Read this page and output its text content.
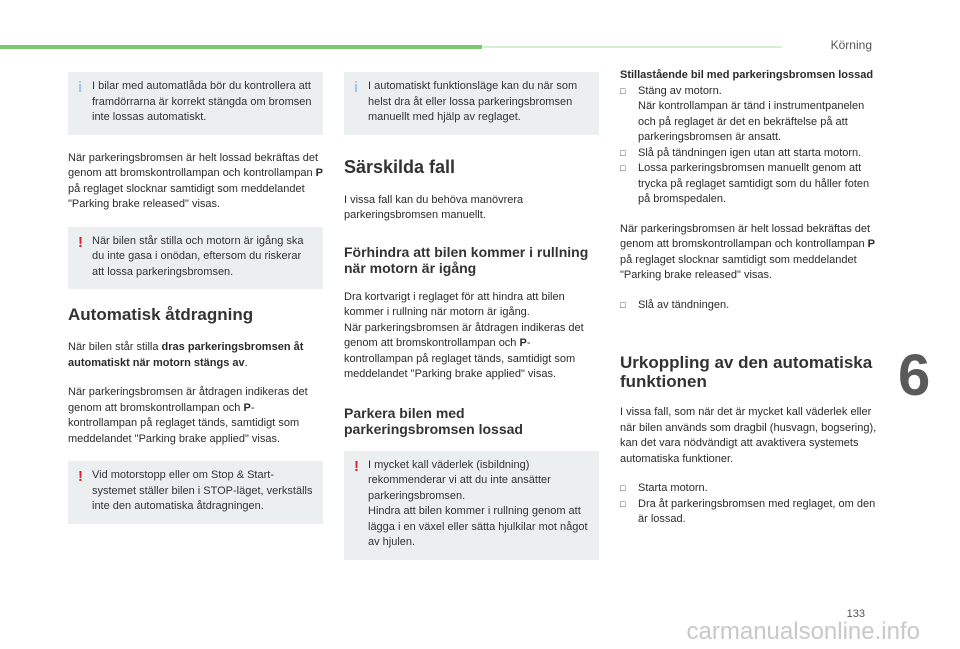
Körning
6
133
i I bilar med automatlåda bör du kontrollera att framdörrarna är korrekt stängda om bromsen inte lossas automatiskt.

När parkeringsbromsen är helt lossad bekräftas det genom att bromskontrollampan och kontrollampan P på reglaget slocknar samtidigt som meddelandet "Parking brake released" visas.

! När bilen står stilla och motorn är igång ska du inte gasa i onödan, eftersom du riskerar att lossa parkeringsbromsen.
Automatisk åtdragning

När bilen står stilla dras parkeringsbromsen åt automatiskt när motorn stängs av.

När parkeringsbromsen är åtdragen indikeras det genom att bromskontrollampan och P-kontrollampan på reglaget tänds, samtidigt som meddelandet "Parking brake applied" visas.

! Vid motorstopp eller om Stop & Start-systemet ställer bilen i STOP-läget, verkställs inte den automatiska åtdragningen.
i I automatiskt funktionsläge kan du när som helst dra åt eller lossa parkeringsbromsen manuellt med hjälp av reglaget.
Särskilda fall

I vissa fall kan du behöva manövrera parkeringsbromsen manuellt.

Förhindra att bilen kommer i rullning när motorn är igång

Dra kortvarigt i reglaget för att hindra att bilen kommer i rullning när motorn är igång.

När parkeringsbromsen är åtdragen indikeras det genom att bromskontrollampan och P-kontrollampan på reglaget tänds, samtidigt som meddelandet "Parking brake applied" visas.

Parkera bilen med parkeringsbromsen lossad
! I mycket kall väderlek (isbildning) rekommenderar vi att du inte ansätter parkeringsbromsen.
Hindra att bilen kommer i rullning genom att lägga i en växel eller sätta hjulkilar mot något av hjulen.

Stillastående bil med parkeringsbromsen lossad

□ Stäng av motorn.

När kontrollampan är tänd i instrumentpanelen och på reglaget är det en bekräftelse på att parkeringsbromsen är ansatt.

□ Slå på tändningen igen utan att starta motorn.

□ Lossa parkeringsbromsen manuellt genom att trycka på reglaget samtidigt som du håller foten på bromspedalen.

När parkeringsbromsen är helt lossad bekräftas det genom att bromskontrollampan och kontrollampan P på reglaget slocknar samtidigt som meddelandet "Parking brake released" visas.

□ Slå av tändningen.

Urkoppling av den automatiska funktionen

I vissa fall, som när det är mycket kall väderlek eller när bilen används som dragbil (husvagn, bogsering), kan det vara nödvändigt att avaktivera systemets automatiska funktioner.

□ Starta motorn.

□ Dra åt parkeringsbromsen med reglaget, om den är lossad.

carmanualsonline.info
